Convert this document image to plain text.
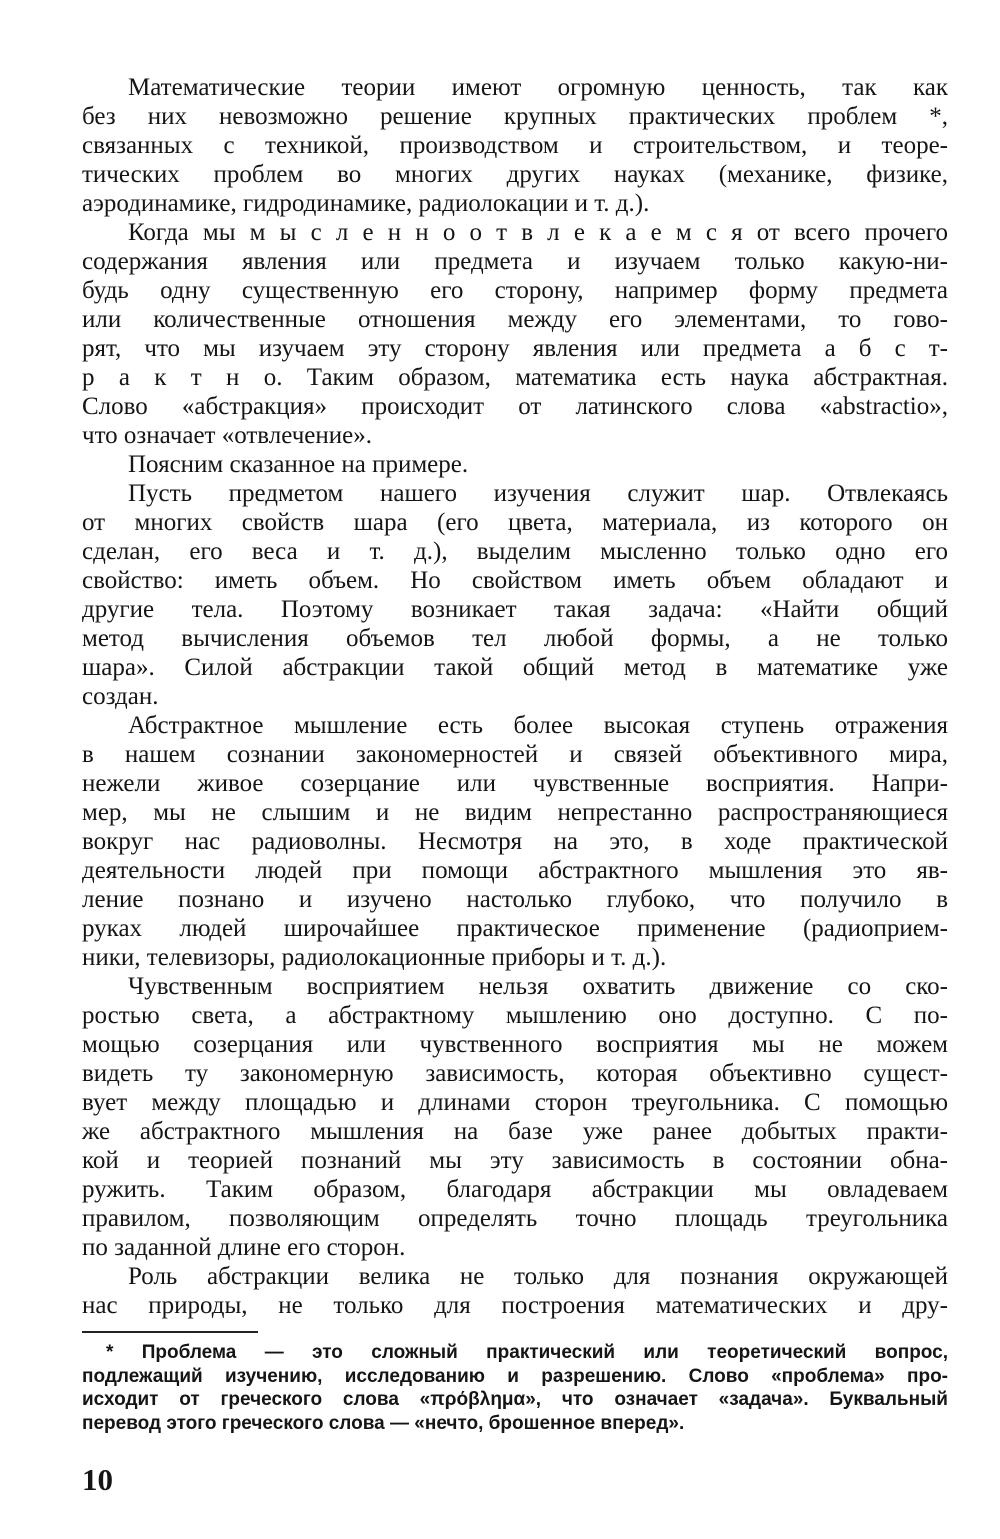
Математические теории имеют огромную ценность, так как
без них невозможно решение крупных практических проблем *,
связанных с техникой, производством и строительством, и теоре-
тических проблем во многих других науках (механике, физике,
аэродинамике, гидродинамике, радиолокации и т. д.).
Когда мы м ы с л е н н о о т в л е к а е м с я от всего прочего
содержания явления или предмета и изучаем только какую-ни-
будь одну существенную его сторону, например форму предмета
или количественные отношения между его элементами, то гово-
рят, что мы изучаем эту сторону явления или предмета а б с т-
р а к т н о. Таким образом, математика есть наука абстрактная.
Слово «абстракция» происходит от латинского слова «abstractio»,
что означает «отвлечение».
Поясним сказанное на примере.
Пусть предметом нашего изучения служит шар. Отвлекаясь
от многих свойств шара (его цвета, материала, из которого он
сделан, его веса и т. д.), выделим мысленно только одно его
свойство: иметь объем. Но свойством иметь объем обладают и
другие тела. Поэтому возникает такая задача: «Найти общий
метод вычисления объемов тел любой формы, а не только
шара». Силой абстракции такой общий метод в математике уже
создан.
Абстрактное мышление есть более высокая ступень отражения
в нашем сознании закономерностей и связей объективного мира,
нежели живое созерцание или чувственные восприятия. Напри-
мер, мы не слышим и не видим непрестанно распространяющиеся
вокруг нас радиоволны. Несмотря на это, в ходе практической
деятельности людей при помощи абстрактного мышления это яв-
ление познано и изучено настолько глубоко, что получило в
руках людей широчайшее практическое применение (радиоприем-
ники, телевизоры, радиолокационные приборы и т. д.).
Чувственным восприятием нельзя охватить движение со ско-
ростью света, а абстрактному мышлению оно доступно. С по-
мощью созерцания или чувственного восприятия мы не можем
видеть ту закономерную зависимость, которая объективно сущест-
вует между площадью и длинами сторон треугольника. С помощью
же абстрактного мышления на базе уже ранее добытых практи-
кой и теорией познаний мы эту зависимость в состоянии обна-
ружить. Таким образом, благодаря абстракции мы овладеваем
правилом, позволяющим определять точно площадь треугольника
по заданной длине его сторон.
Роль абстракции велика не только для познания окружающей
нас природы, не только для построения математических и дру-
* Проблема — это сложный практический или теоретический вопрос,
подлежащий изучению, исследованию и разрешению. Слово «проблема» про-
исходит от греческого слова «πρόβλημα», что означает «задача». Буквальный
перевод этого греческого слова — «нечто, брошенное вперед».
10
